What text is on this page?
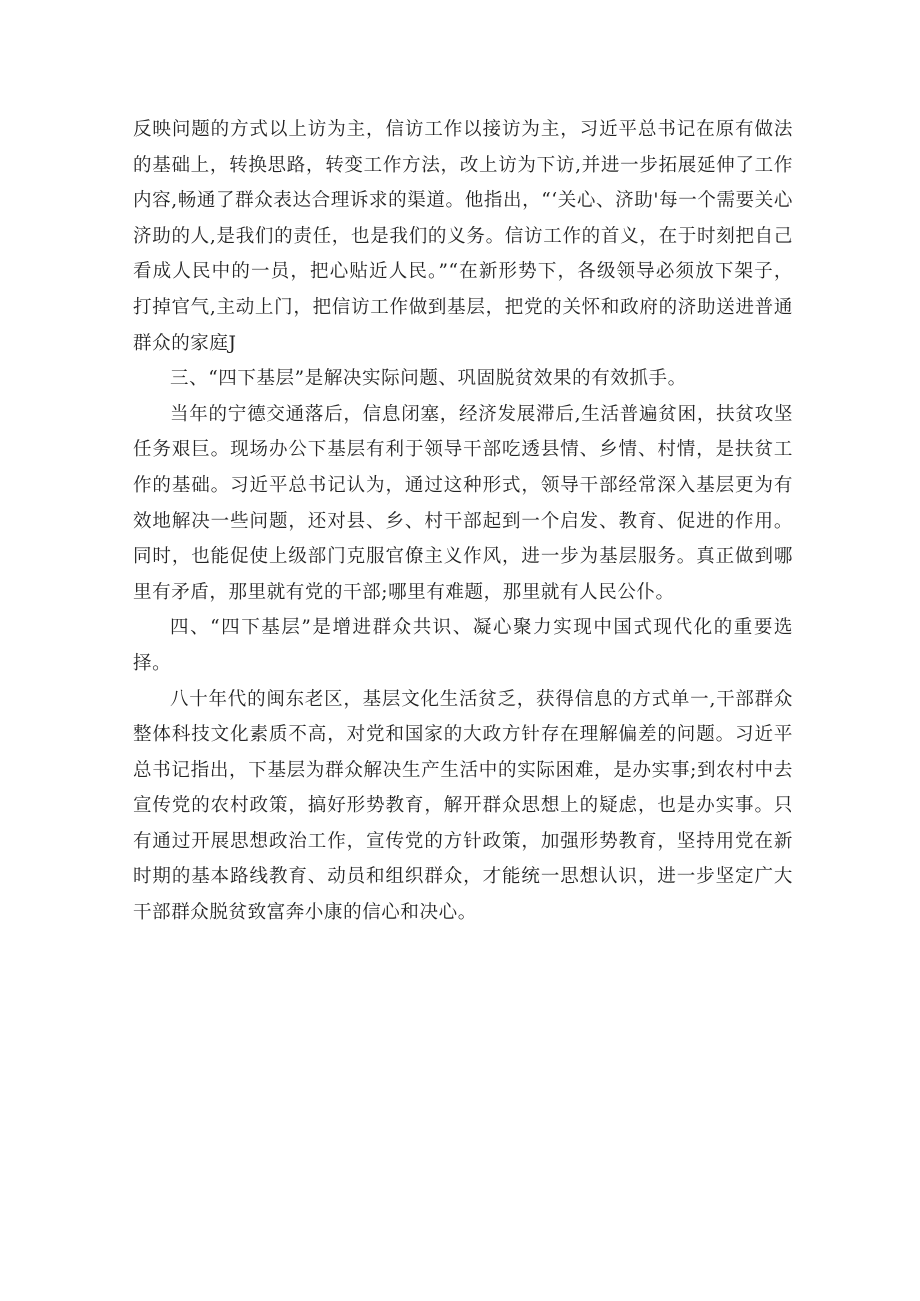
反映问题的方式以上访为主，信访工作以接访为主，习近平总书记在原有做法的基础上，转换思路，转变工作方法，改上访为下访,并进一步拓展延伸了工作内容,畅通了群众表达合理诉求的渠道。他指出，“‘关心、济助'每一个需要关心济助的人,是我们的责任，也是我们的义务。信访工作的首义，在于时刻把自己看成人民中的一员，把心贴近人民。”“在新形势下，各级领导必须放下架子，打掉官气,主动上门，把信访工作做到基层，把党的关怀和政府的济助送进普通群众的家庭J

三、“四下基层”是解决实际问题、巩固脱贫效果的有效抓手。

当年的宁德交通落后，信息闭塞，经济发展滞后,生活普遍贫困，扶贫攻坚任务艰巨。现场办公下基层有利于领导干部吃透县情、乡情、村情，是扶贫工作的基础。习近平总书记认为，通过这种形式，领导干部经常深入基层更为有效地解决一些问题，还对县、乡、村干部起到一个启发、教育、促进的作用。同时，也能促使上级部门克服官僚主义作风，进一步为基层服务。真正做到哪里有矛盾，那里就有党的干部;哪里有难题，那里就有人民公仆。

四、“四下基层”是增进群众共识、凝心聚力实现中国式现代化的重要选择。

八十年代的闽东老区，基层文化生活贫乏，获得信息的方式单一,干部群众整体科技文化素质不高，对党和国家的大政方针存在理解偏差的问题。习近平总书记指出，下基层为群众解决生产生活中的实际困难，是办实事;到农村中去宣传党的农村政策，搞好形势教育，解开群众思想上的疑虑，也是办实事。只有通过开展思想政治工作，宣传党的方针政策，加强形势教育，坚持用党在新时期的基本路线教育、动员和组织群众，才能统一思想认识，进一步坚定广大干部群众脱贫致富奔小康的信心和决心。
